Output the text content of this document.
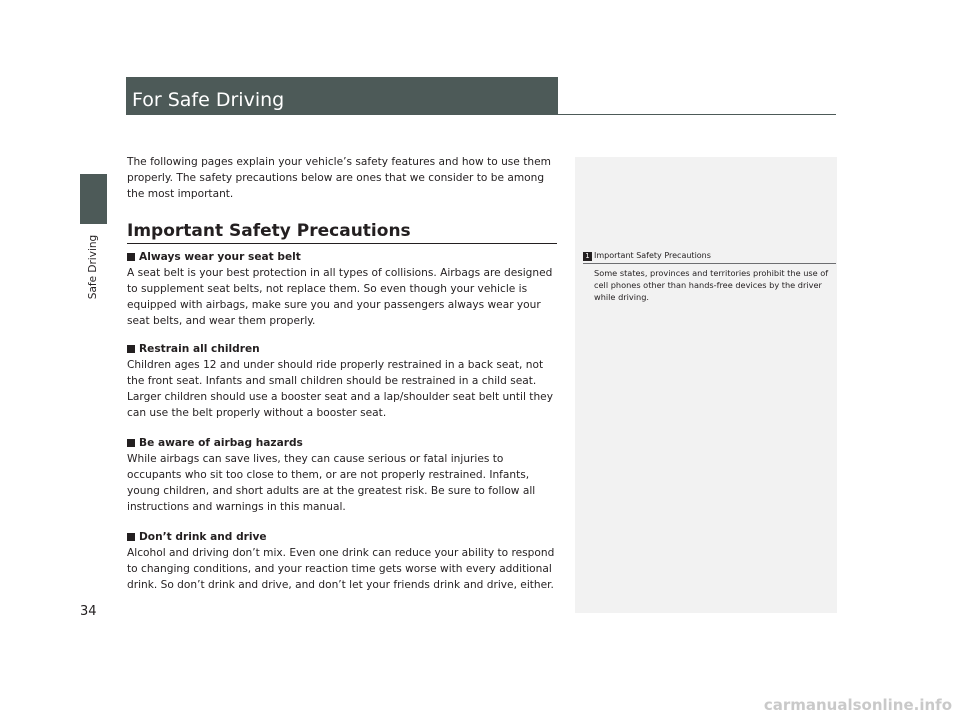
Safe Driving
For Safe Driving
The following pages explain your vehicle’s safety features and how to use them properly. The safety precautions below are ones that we consider to be among the most important.
Important Safety Precautions
Always wear your seat belt
A seat belt is your best protection in all types of collisions. Airbags are designed to supplement seat belts, not replace them. So even though your vehicle is equipped with airbags, make sure you and your passengers always wear your seat belts, and wear them properly.
Restrain all children
Children ages 12 and under should ride properly restrained in a back seat, not the front seat. Infants and small children should be restrained in a child seat. Larger children should use a booster seat and a lap/shoulder seat belt until they can use the belt properly without a booster seat.
Be aware of airbag hazards
While airbags can save lives, they can cause serious or fatal injuries to occupants who sit too close to them, or are not properly restrained. Infants, young children, and short adults are at the greatest risk. Be sure to follow all instructions and warnings in this manual.
Don’t drink and drive
Alcohol and driving don’t mix. Even one drink can reduce your ability to respond to changing conditions, and your reaction time gets worse with every additional drink. So don’t drink and drive, and don’t let your friends drink and drive, either.
1 Important Safety Precautions
Some states, provinces and territories prohibit the use of cell phones other than hands-free devices by the driver while driving.
34
carmanualsonline.info
